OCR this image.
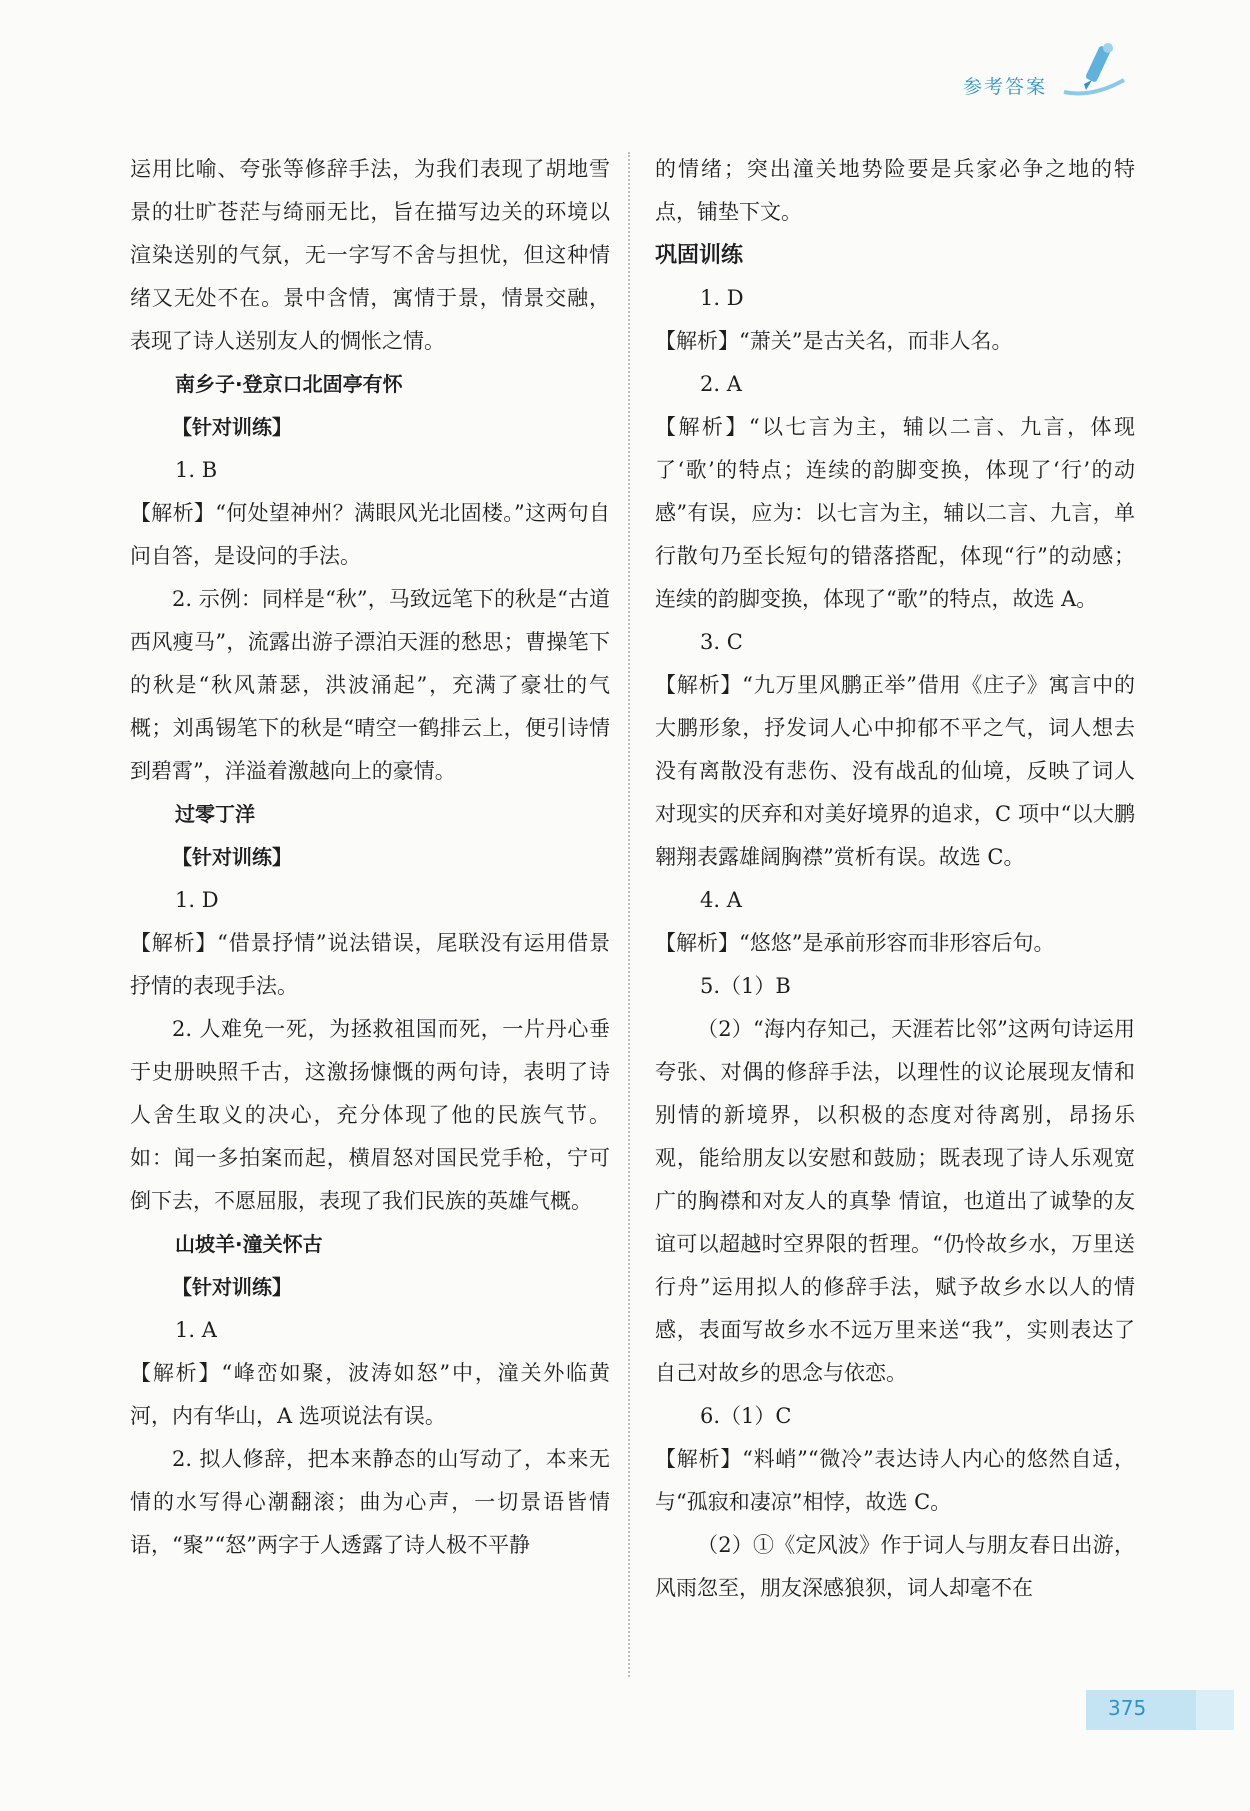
参考答案

运用比喻、夸张等修辞手法，为我们表现了胡地雪景的壮旷苍茫与绮丽无比，旨在描写边关的环境以渲染送别的气氛，无一字写不舍与担忧，但这种情绪又无处不在。景中含情，寓情于景，情景交融，表现了诗人送别友人的惆怅之情。

南乡子·登京口北固亭有怀

【针对训练】

1. B

【解析】“何处望神州？满眼风光北固楼。”这两句自问自答，是设问的手法。

2. 示例：同样是“秋”，马致远笔下的秋是“古道西风瘦马”，流露出游子漂泊天涯的愁思；曹操笔下的秋是“秋风萧瑟，洪波涌起”，充满了豪壮的气概；刘禹锡笔下的秋是“晴空一鹤排云上，便引诗情到碧霄”，洋溢着激越向上的豪情。

过零丁洋

【针对训练】

1. D

【解析】“借景抒情”说法错误，尾联没有运用借景抒情的表现手法。

2. 人难免一死，为拯救祖国而死，一片丹心垂于史册映照千古，这激扬慷慨的两句诗，表明了诗人舍生取义的决心，充分体现了他的民族气节。如：闻一多拍案而起，横眉怒对国民党手枪，宁可倒下去，不愿屈服，表现了我们民族的英雄气概。

山坡羊·潼关怀古

【针对训练】

1. A

【解析】“峰峦如聚，波涛如怒”中，潼关外临黄河，内有华山，A 选项说法有误。

2. 拟人修辞，把本来静态的山写动了，本来无情的水写得心潮翻滚；曲为心声，一切景语皆情语，“聚”“怒”两字于人透露了诗人极不平静

的情绪；突出潼关地势险要是兵家必争之地的特点，铺垫下文。

巩固训练

1. D

【解析】“萧关”是古关名，而非人名。

2. A

【解析】“以七言为主，辅以二言、九言，体现了‘歌’的特点；连续的韵脚变换，体现了‘行’的动感”有误，应为：以七言为主，辅以二言、九言，单行散句乃至长短句的错落搭配，体现“行”的动感；连续的韵脚变换，体现了“歌”的特点，故选 A。

3. C

【解析】“九万里风鹏正举”借用《庄子》寓言中的大鹏形象，抒发词人心中抑郁不平之气，词人想去没有离散没有悲伤、没有战乱的仙境，反映了词人对现实的厌弃和对美好境界的追求，C 项中“以大鹏翱翔表露雄阔胸襟”赏析有误。故选 C。

4. A

【解析】“悠悠”是承前形容而非形容后句。

5.（1）B

（2）“海内存知己，天涯若比邻”这两句诗运用夸张、对偶的修辞手法，以理性的议论展现友情和别情的新境界，以积极的态度对待离别，昂扬乐观，能给朋友以安慰和鼓励；既表现了诗人乐观宽广的胸襟和对友人的真挚 情谊，也道出了诚挚的友谊可以超越时空界限的哲理。“仍怜故乡水，万里送行舟”运用拟人的修辞手法，赋予故乡水以人的情感，表面写故乡水不远万里来送“我”，实则表达了自己对故乡的思念与依恋。

6.（1）C

【解析】“料峭”“微冷”表达诗人内心的悠然自适，与“孤寂和凄凉”相悖，故选 C。

（2）①《定风波》作于词人与朋友春日出游，风雨忽至，朋友深感狼狈，词人却毫不在

375
